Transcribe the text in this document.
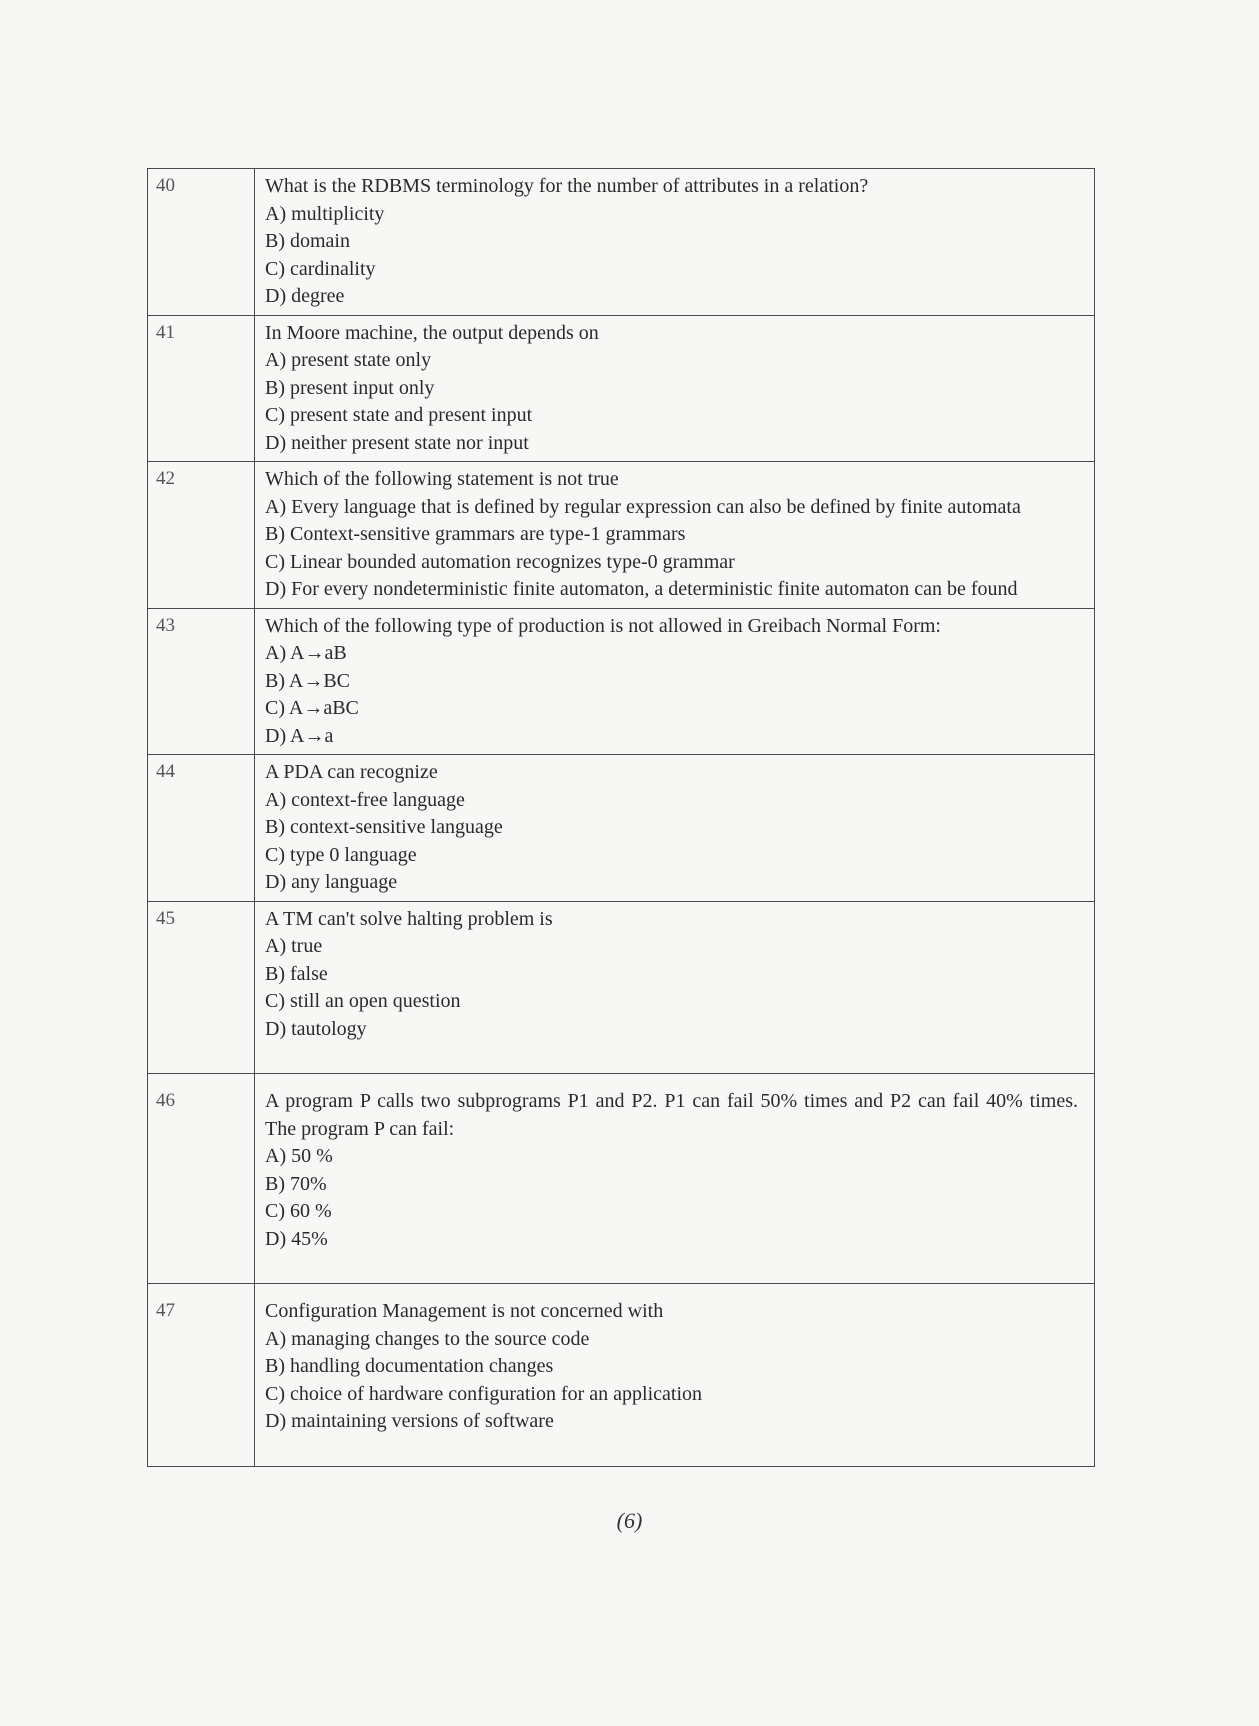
40	What is the RDBMS terminology for the number of attributes in a relation?

A) multiplicity

B) domain

C) cardinality

D) degree

41	In Moore machine, the output depends on

A) present state only

B) present input only

C) present state and present input

D) neither present state nor input

42	Which of the following statement is not true

A) Every language that is defined by regular expression can also be defined by finite automata

B) Context-sensitive grammars are type-1 grammars

C) Linear bounded automation recognizes type-0 grammar

D) For every nondeterministic finite automaton, a deterministic finite automaton can be found

43	Which of the following type of production is not allowed in Greibach Normal Form:

A) A→aB

B) A→BC

C) A→aBC

D) A→a

44	A PDA can recognize

A) context-free language

B) context-sensitive language

C) type 0 language

D) any language

45	A TM can't solve halting problem is

A) true

B) false

C) still an open question

D) tautology

46	A program P calls two subprograms P1 and P2. P1 can fail 50% times and P2 can fail 40% times. The program P can fail:

A) 50 %

B) 70%

C) 60 %

D) 45%

47	Configuration Management is not concerned with

A) managing changes to the source code

B) handling documentation changes

C) choice of hardware configuration for an application

D) maintaining versions of software

(6)
